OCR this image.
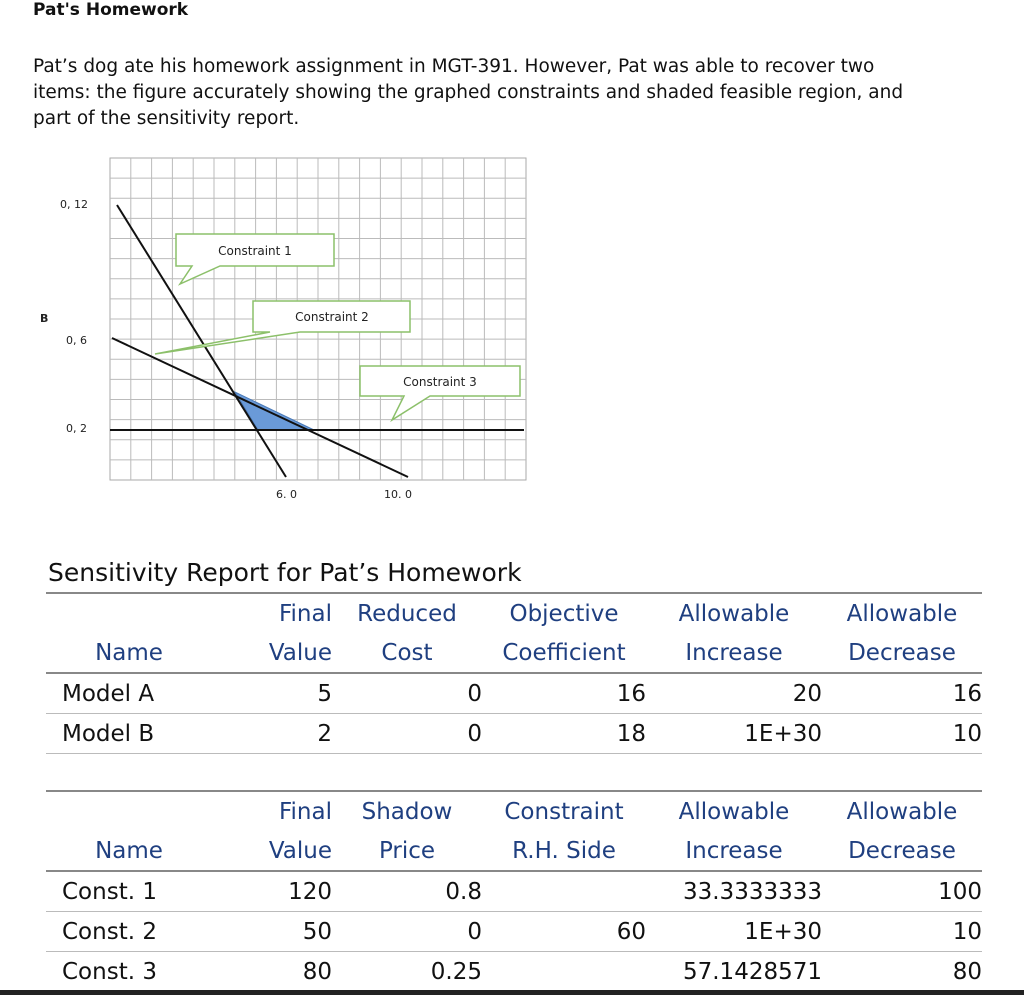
Pat's Homework
Pat’s dog ate his homework assignment in MGT-391. However, Pat was able to recover two items: the figure accurately showing the graphed constraints and shaded feasible region, and part of the sensitivity report.
Constraint 1
Constraint 2
Constraint 3
0, 12
B
0, 6
0, 2
6. 0	10. 0
Sensitivity Report for Pat’s Homework
	Final	Reduced	Objective	Allowable	Allowable
Name	Value	Cost	Coefficient	Increase	Decrease
Model A	5	0	16	20	16
Model B	2	0	18	1E+30	10
	Final	Shadow	Constraint	Allowable	Allowable
Name	Value	Price	R.H. Side	Increase	Decrease
Const. 1	120	0.8		33.3333333	100
Const. 2	50	0	60	1E+30	10
Const. 3	80	0.25		57.1428571	80
